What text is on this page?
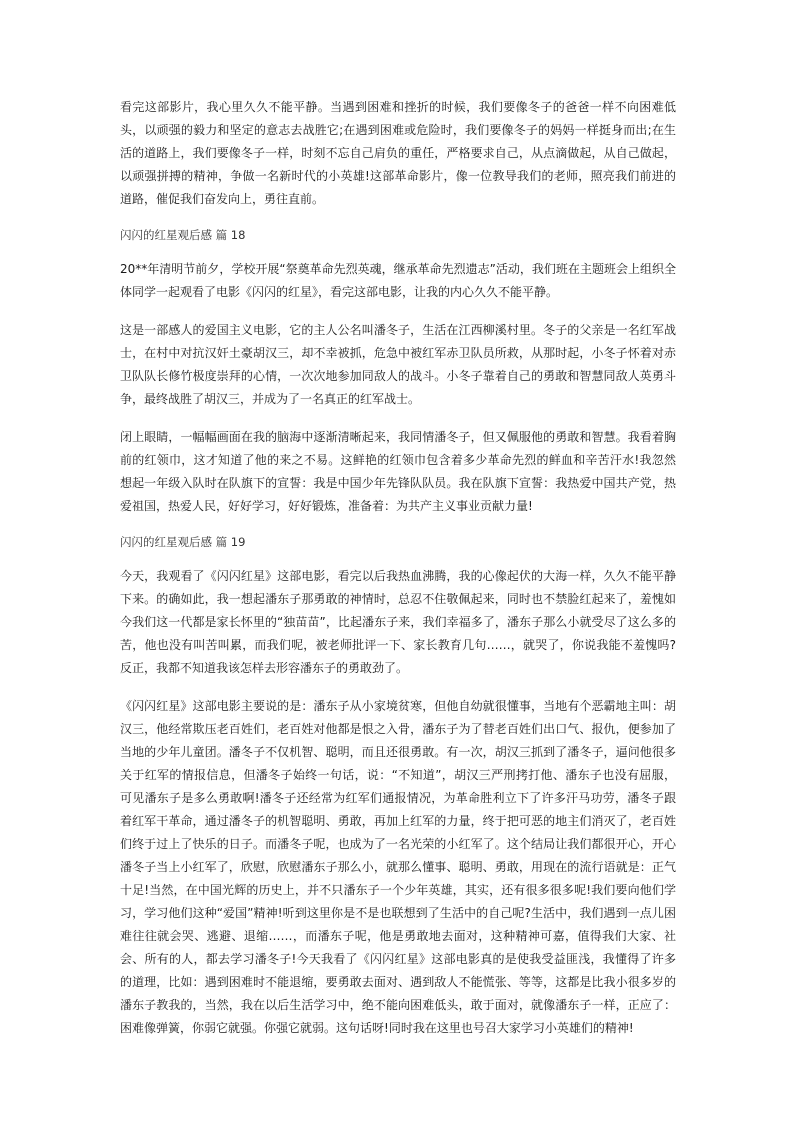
看完这部影片，我心里久久不能平静。当遇到困难和挫折的时候，我们要像冬子的爸爸一样不向困难低头，以顽强的毅力和坚定的意志去战胜它;在遇到困难或危险时，我们要像冬子的妈妈一样挺身而出;在生活的道路上，我们要像冬子一样，时刻不忘自己肩负的重任，严格要求自己，从点滴做起，从自己做起，以顽强拼搏的精神，争做一名新时代的小英雄!这部革命影片，像一位教导我们的老师，照亮我们前进的道路，催促我们奋发向上，勇往直前。

闪闪的红星观后感 篇 18

20**年清明节前夕，学校开展“祭奠革命先烈英魂，继承革命先烈遗志”活动，我们班在主题班会上组织全体同学一起观看了电影《闪闪的红星》，看完这部电影，让我的内心久久不能平静。

这是一部感人的爱国主义电影，它的主人公名叫潘冬子，生活在江西柳溪村里。冬子的父亲是一名红军战士，在村中对抗汉奸土豪胡汉三，却不幸被抓，危急中被红军赤卫队员所救，从那时起，小冬子怀着对赤卫队队长修竹极度崇拜的心情，一次次地参加同敌人的战斗。小冬子靠着自己的勇敢和智慧同敌人英勇斗争，最终战胜了胡汉三，并成为了一名真正的红军战士。

闭上眼睛，一幅幅画面在我的脑海中逐渐清晰起来，我同情潘冬子，但又佩服他的勇敢和智慧。我看着胸前的红领巾，这才知道了他的来之不易。这鲜艳的红领巾包含着多少革命先烈的鲜血和辛苦汗水!我忽然想起一年级入队时在队旗下的宣誓：我是中国少年先锋队队员。我在队旗下宣誓：我热爱中国共产党，热爱祖国，热爱人民，好好学习，好好锻炼，准备着：为共产主义事业贡献力量!

闪闪的红星观后感 篇 19

今天，我观看了《闪闪红星》这部电影，看完以后我热血沸腾，我的心像起伏的大海一样，久久不能平静下来。的确如此，我一想起潘东子那勇敢的神情时，总忍不住敬佩起来，同时也不禁脸红起来了，羞愧如今我们这一代都是家长怀里的“独苗苗”，比起潘东子来，我们幸福多了，潘东子那么小就受尽了这么多的苦，他也没有叫苦叫累，而我们呢，被老师批评一下、家长教育几句……，就哭了，你说我能不羞愧吗?反正，我都不知道我该怎样去形容潘东子的勇敢劲了。

《闪闪红星》这部电影主要说的是：潘东子从小家境贫寒，但他自幼就很懂事，当地有个恶霸地主叫：胡汉三，他经常欺压老百姓们，老百姓对他都是恨之入骨，潘东子为了替老百姓们出口气、报仇，便参加了当地的少年儿童团。潘冬子不仅机智、聪明，而且还很勇敢。有一次，胡汉三抓到了潘冬子，逼问他很多关于红军的情报信息，但潘冬子始终一句话，说：“不知道”，胡汉三严刑拷打他、潘东子也没有屈服， 可见潘东子是多么勇敢啊!潘冬子还经常为红军们通报情况，为革命胜利立下了许多汗马功劳，潘冬子跟着红军干革命，通过潘冬子的机智聪明、勇敢，再加上红军的力量，终于把可恶的地主们消灭了，老百姓们终于过上了快乐的日子。而潘冬子呢，也成为了一名光荣的小红军了。这个结局让我们都很开心，开心潘冬子当上小红军了，欣慰，欣慰潘东子那么小，就那么懂事、聪明、勇敢，用现在的流行语就是：正气十足!当然，在中国光辉的历史上，并不只潘东子一个少年英雄，其实，还有很多很多呢!我们要向他们学习，学习他们这种“爱国”精神!听到这里你是不是也联想到了生活中的自己呢?生活中，我们遇到一点儿困难往往就会哭、逃避、退缩……，而潘东子呢，他是勇敢地去面对，这种精神可嘉，值得我们大家、社会、所有的人，都去学习潘冬子!今天我看了《闪闪红星》这部电影真的是使我受益匪浅，我懂得了许多的道理，比如：遇到困难时不能退缩，要勇敢去面对、遇到敌人不能慌张、等等，这都是比我小很多岁的潘东子教我的，当然，我在以后生活学习中，绝不能向困难低头，敢于面对，就像潘东子一样，正应了：困难像弹簧，你弱它就强。你强它就弱。这句话呀!同时我在这里也号召大家学习小英雄们的精神!
